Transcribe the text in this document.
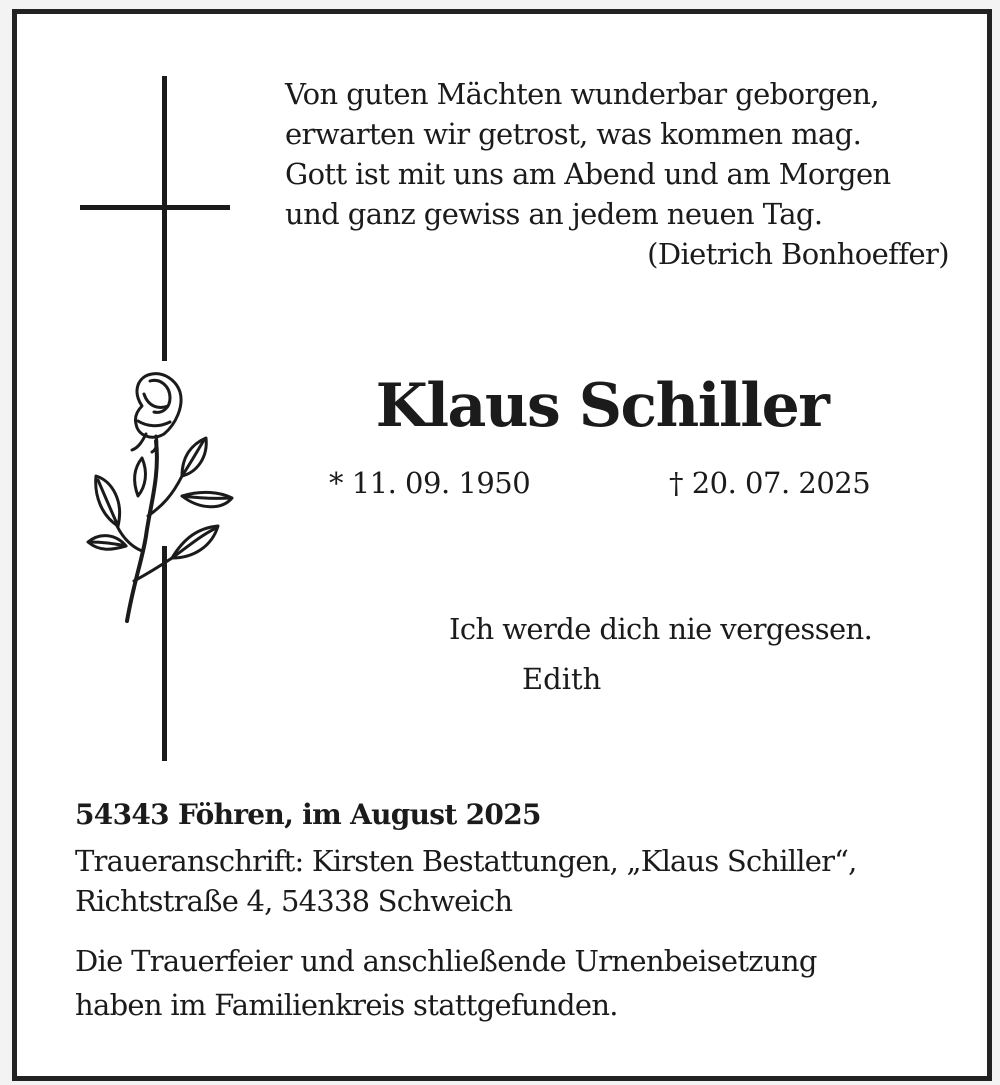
Von guten Mächten wunderbar geborgen,
erwarten wir getrost, was kommen mag.
Gott ist mit uns am Abend und am Morgen
und ganz gewiss an jedem neuen Tag.
(Dietrich Bonhoeffer)
Klaus Schiller
* 11. 09. 1950	† 20. 07. 2025
Ich werde dich nie vergessen.
Edith
54343 Föhren, im August 2025
Traueranschrift: Kirsten Bestattungen, „Klaus Schiller“,
Richtstraße 4, 54338 Schweich
Die Trauerfeier und anschließende Urnenbeisetzung
haben im Familienkreis stattgefunden.
